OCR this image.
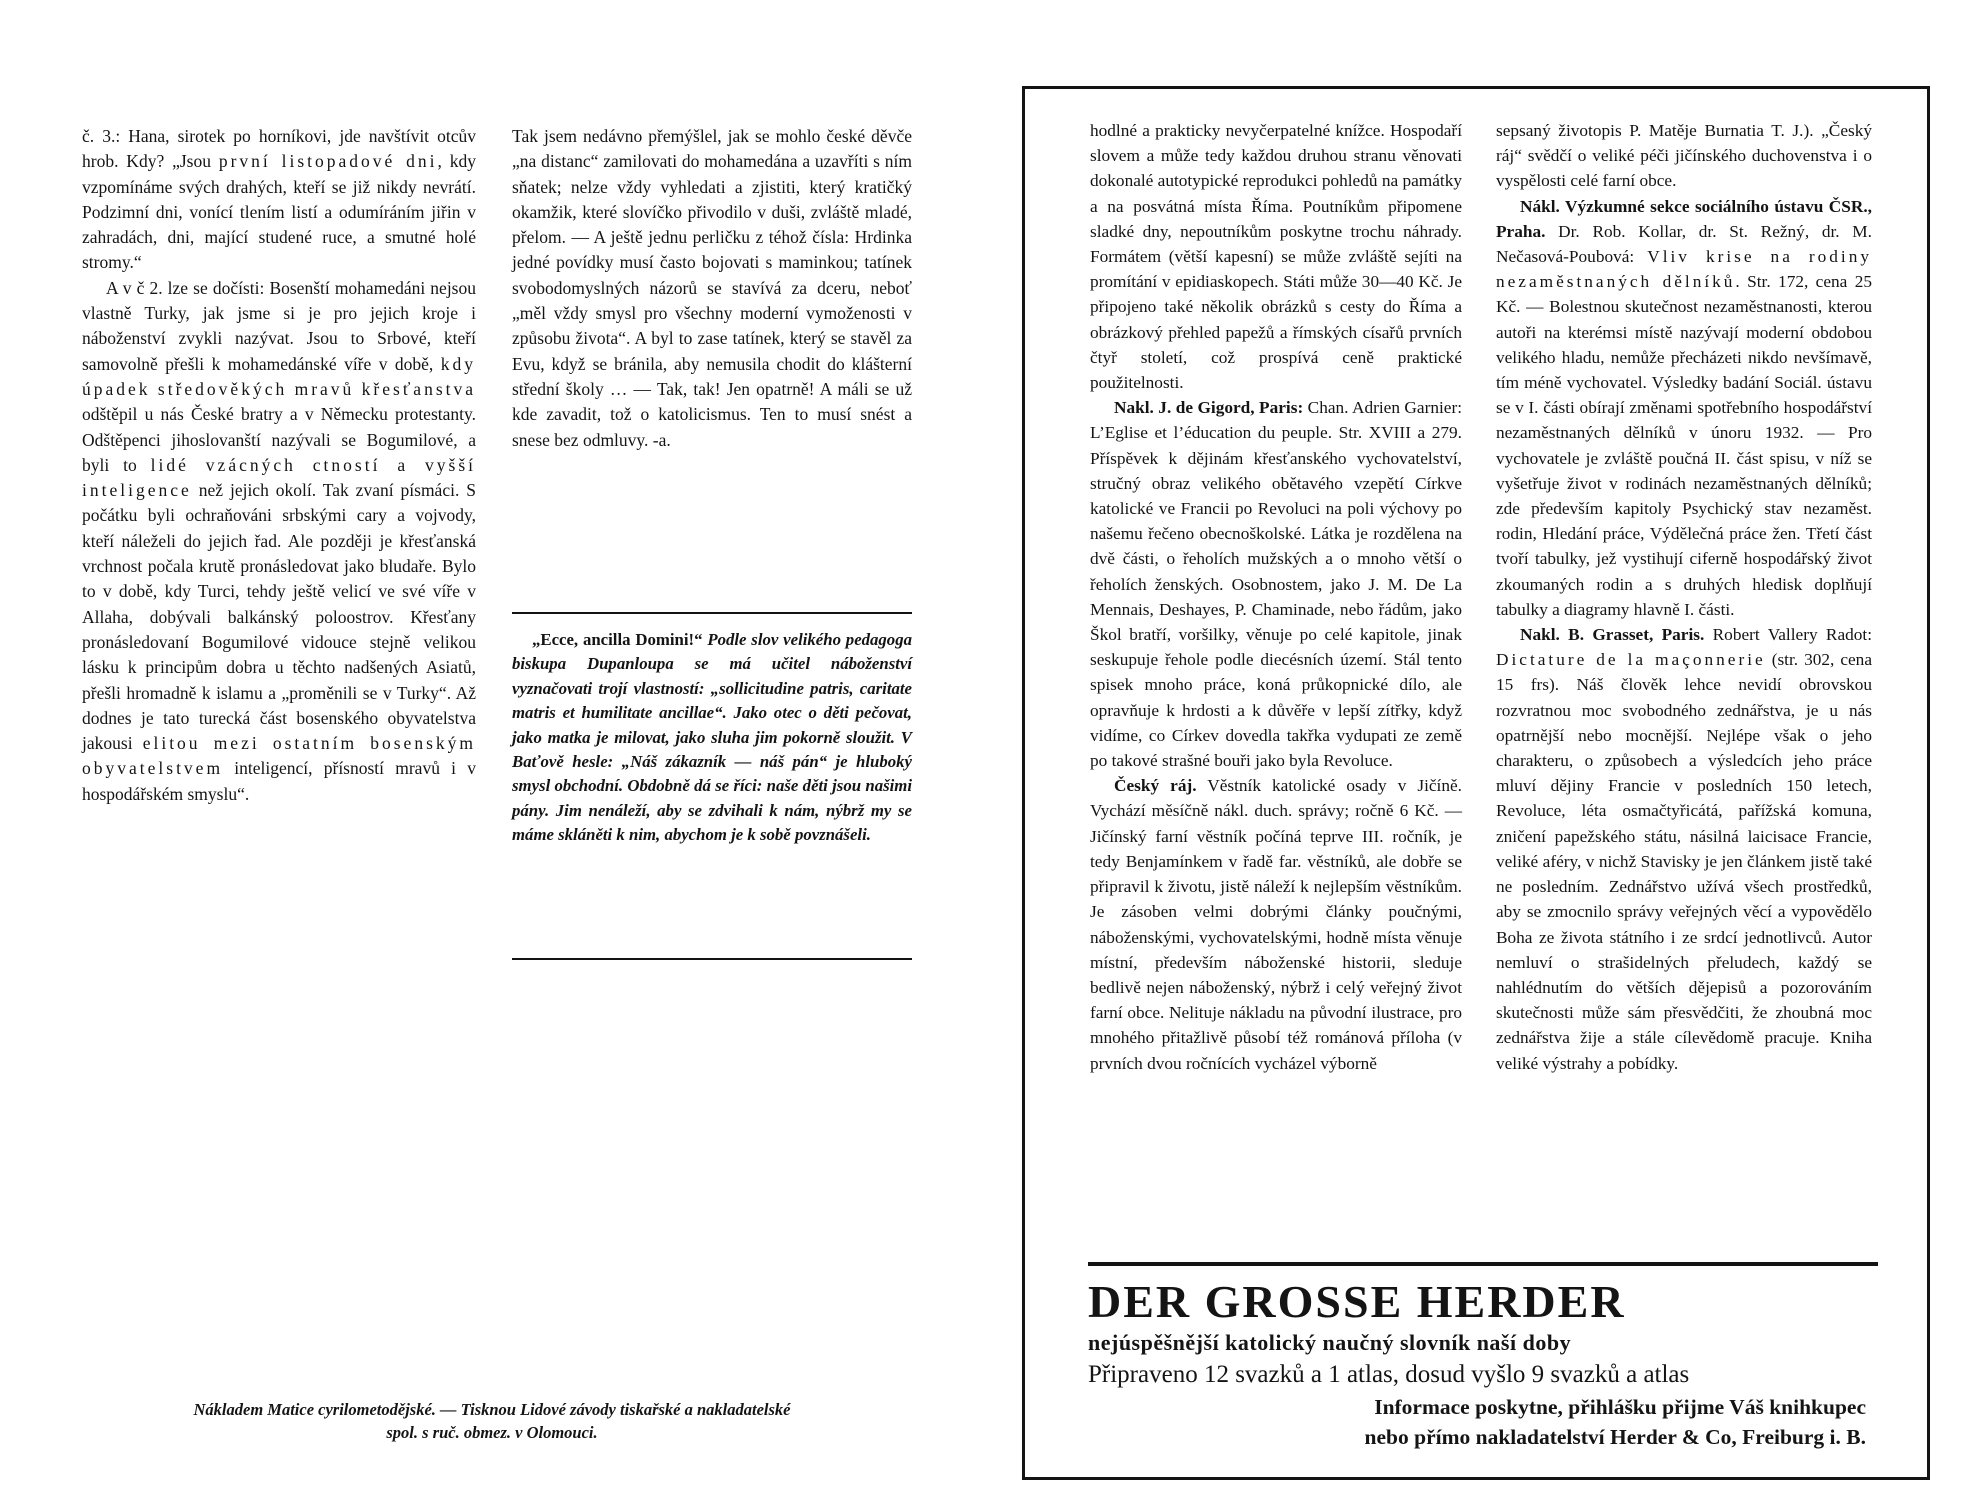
č. 3.: Hana, sirotek po horníkovi, jde navštívit otcův hrob. Kdy? „Jsou první listopadové dni, kdy vzpomínáme svých drahých, kteří se již nikdy nevrátí. Podzimní dni, vonící tlením listí a odumíráním jiřin v zahradách, dni, mající studené ruce, a smutné holé stromy.“

A v č 2. lze se dočísti: Bosenští mohamedáni nejsou vlastně Turky, jak jsme si je pro jejich kroje i náboženství zvykli nazývat. Jsou to Srbové, kteří samovolně přešli k mohamedánské víře v době, kdy úpadek středověkých mravů křesťanstva odštěpil u nás České bratry a v Německu protestanty. Odštěpenci jihoslovanští nazývali se Bogumilové, a byli to lidé vzácných ctností a vyšší inteligence než jejich okolí. Tak zvaní písmáci. S počátku byli ochraňováni srbskými cary a vojvody, kteří náleželi do jejich řad. Ale později je křesťanská vrchnost počala krutě pronásledovat jako bludaře. Bylo to v době, kdy Turci, tehdy ještě velicí ve své víře v Allaha, dobývali balkánský poloostrov. Křesťany pronásledovaní Bogumilové vidouce stejně velikou lásku k principům dobra u těchto nadšených Asiatů, přešli hromadně k islamu a „proměnili se v Turky“. Až dodnes je tato turecká část bosenského obyvatelstva jakousi elitou mezi ostatním bosenským obyvatelstvem inteligencí, přísností mravů i v hospodářském smyslu“.

Tak jsem nedávno přemýšlel, jak se mohlo české děvče „na distanc“ zamilovati do mohamedána a uzavříti s ním sňatek; nelze vždy vyhledati a zjistiti, který kratičký okamžik, které slovíčko přivodilo v duši, zvláště mladé, přelom. — A ještě jednu perličku z téhož čísla: Hrdinka jedné povídky musí často bojovati s maminkou; tatínek svobodomyslných názorů se stavívá za dceru, neboť „měl vždy smysl pro všechny moderní vymoženosti v způsobu života“. A byl to zase tatínek, který se stavěl za Evu, když se bránila, aby nemusila chodit do klášterní střední školy … — Tak, tak! Jen opatrně! A máli se už kde zavadit, tož o katolicismus. Ten to musí snést a snese bez odmluvy. -a.

„Ecce, ancilla Domini!“ Podle slov velikého pedagoga biskupa Dupanloupa se má učitel náboženství vyznačovati trojí vlastností: „sollicitudine patris, caritate matris et humilitate ancillae“. Jako otec o děti pečovat, jako matka je milovat, jako sluha jim pokorně sloužit. V Baťově hesle: „Náš zákazník — náš pán“ je hluboký smysl obchodní. Obdobně dá se říci: naše děti jsou našimi pány. Jim nenáleží, aby se zdvihali k nám, nýbrž my se máme skláněti k nim, abychom je k sobě povznášeli.

Nákladem Matice cyrilometodějské. — Tisknou Lidové závody tiskařské a nakladatelské
spol. s ruč. obmez. v Olomouci.

hodlné a prakticky nevyčerpatelné knížce. Hospodaří slovem a může tedy každou druhou stranu věnovati dokonalé autotypické reprodukci pohledů na památky a na posvátná místa Říma. Poutníkům připomene sladké dny, nepoutníkům poskytne trochu náhrady. Formátem (větší kapesní) se může zvláště sejíti na promítání v epidiaskopech. Státi může 30—40 Kč. Je připojeno také několik obrázků s cesty do Říma a obrázkový přehled papežů a římských císařů prvních čtyř století, což prospívá ceně praktické použitelnosti.

Nakl. J. de Gigord, Paris: Chan. Adrien Garnier: L’Eglise et l’éducation du peuple. Str. XVIII a 279. Příspěvek k dějinám křesťanského vychovatelství, stručný obraz velikého obětavého vzepětí Církve katolické ve Francii po Revoluci na poli výchovy po našemu řečeno obecnoškolské. Látka je rozdělena na dvě části, o řeholích mužských a o mnoho větší o řeholích ženských. Osobnostem, jako J. M. De La Mennais, Deshayes, P. Chaminade, nebo řádům, jako Škol bratří, voršilky, věnuje po celé kapitole, jinak seskupuje řehole podle diecésních území. Stál tento spisek mnoho práce, koná průkopnické dílo, ale opravňuje k hrdosti a k důvěře v lepší zítřky, když vidíme, co Církev dovedla takřka vydupati ze země po takové strašné bouři jako byla Revoluce.

Český ráj. Věstník katolické osady v Jičíně. Vychází měsíčně nákl. duch. správy; ročně 6 Kč. — Jičínský farní věstník počíná teprve III. ročník, je tedy Benjamínkem v řadě far. věstníků, ale dobře se připravil k životu, jistě náleží k nejlepším věstníkům. Je zásoben velmi dobrými články poučnými, náboženskými, vychovatelskými, hodně místa věnuje místní, především náboženské historii, sleduje bedlivě nejen náboženský, nýbrž i celý veřejný život farní obce. Nelituje nákladu na původní ilustrace, pro mnohého přitažlivě působí též románová příloha (v prvních dvou ročnících vycházel výborně

sepsaný životopis P. Matěje Burnatia T. J.). „Český ráj“ svědčí o veliké péči jičínského duchovenstva i o vyspělosti celé farní obce.

Nákl. Výzkumné sekce sociálního ústavu ČSR., Praha. Dr. Rob. Kollar, dr. St. Režný, dr. M. Nečasová-Poubová: Vliv krise na rodiny nezaměstnaných dělníků. Str. 172, cena 25 Kč. — Bolestnou skutečnost nezaměstnanosti, kterou autoři na kterémsi místě nazývají moderní obdobou velikého hladu, nemůže přecházeti nikdo nevšímavě, tím méně vychovatel. Výsledky badání Sociál. ústavu se v I. části obírají změnami spotřebního hospodářství nezaměstnaných dělníků v únoru 1932. — Pro vychovatele je zvláště poučná II. část spisu, v níž se vyšetřuje život v rodinách nezaměstnaných dělníků; zde především kapitoly Psychický stav nezaměst. rodin, Hledání práce, Výdělečná práce žen. Třetí část tvoří tabulky, jež vystihují ciferně hospodářský život zkoumaných rodin a s druhých hledisk doplňují tabulky a diagramy hlavně I. části.

Nakl. B. Grasset, Paris. Robert Vallery Radot: Dictature de la maçonnerie (str. 302, cena 15 frs). Náš člověk lehce nevidí obrovskou rozvratnou moc svobodného zednářstva, je u nás opatrnější nebo mocnější. Nejlépe však o jeho charakteru, o způsobech a výsledcích jeho práce mluví dějiny Francie v posledních 150 letech, Revoluce, léta osmačtyřicátá, pařížská komuna, zničení papežského státu, násilná laicisace Francie, veliké aféry, v nichž Stavisky je jen článkem jistě také ne posledním. Zednářstvo užívá všech prostředků, aby se zmocnilo správy veřejných věcí a vypovědělo Boha ze života státního i ze srdcí jednotlivců. Autor nemluví o strašidelných přeludech, každý se nahlédnutím do větších dějepisů a pozorováním skutečnosti může sám přesvědčiti, že zhoubná moc zednářstva žije a stále cílevědomě pracuje. Kniha veliké výstrahy a pobídky.

DER GROSSE HERDER
nejúspěšnější katolický naučný slovník naší doby
Připraveno 12 svazků a 1 atlas, dosud vyšlo 9 svazků a atlas
Informace poskytne, přihlášku přijme Váš knihkupec
nebo přímo nakladatelství Herder & Co, Freiburg i. B.
